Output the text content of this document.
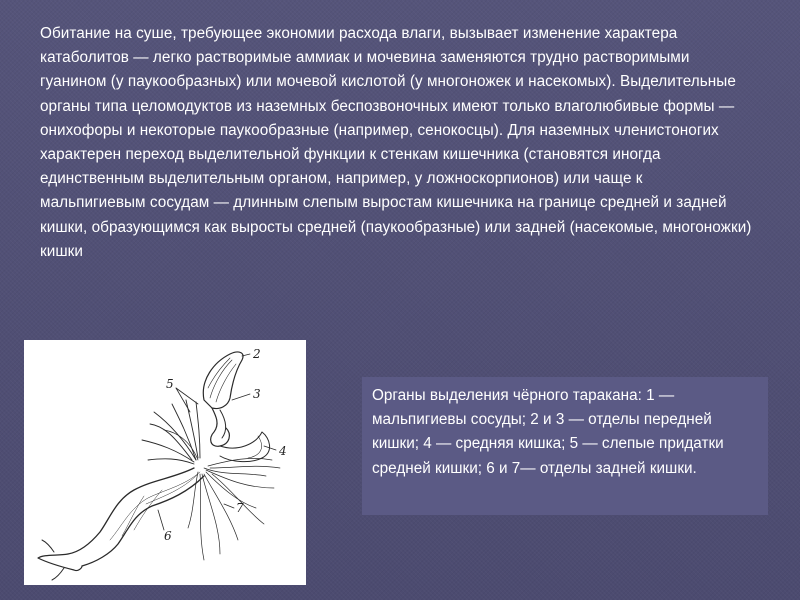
Обитание на суше, требующее экономии расхода влаги, вызывает изменение характера катаболитов — легко растворимые аммиак и мочевина заменяются трудно растворимыми гуанином (у паукообразных) или мочевой кислотой (у многоножек и насекомых). Выделительные органы типа целомодуктов из наземных беспозвоночных имеют только влаголюбивые формы — онихофоры и некоторые паукообразные (например, сенокосцы). Для наземных членистоногих характерен переход выделительной функции к стенкам кишечника (становятся иногда единственным выделительным органом, например, у ложноскорпионов) или чаще к мальпигиевым сосудам — длинным слепым выростам кишечника на границе средней и задней кишки, образующимся как выросты средней (паукообразные) или задней (насекомые, многоножки) кишки

2
3
5
4
7
6

Органы выделения чёрного таракана: 1 — мальпигиевы сосуды; 2 и 3 — отделы передней кишки; 4 — средняя кишка; 5 — слепые придатки средней кишки; 6 и 7— отделы задней кишки.
